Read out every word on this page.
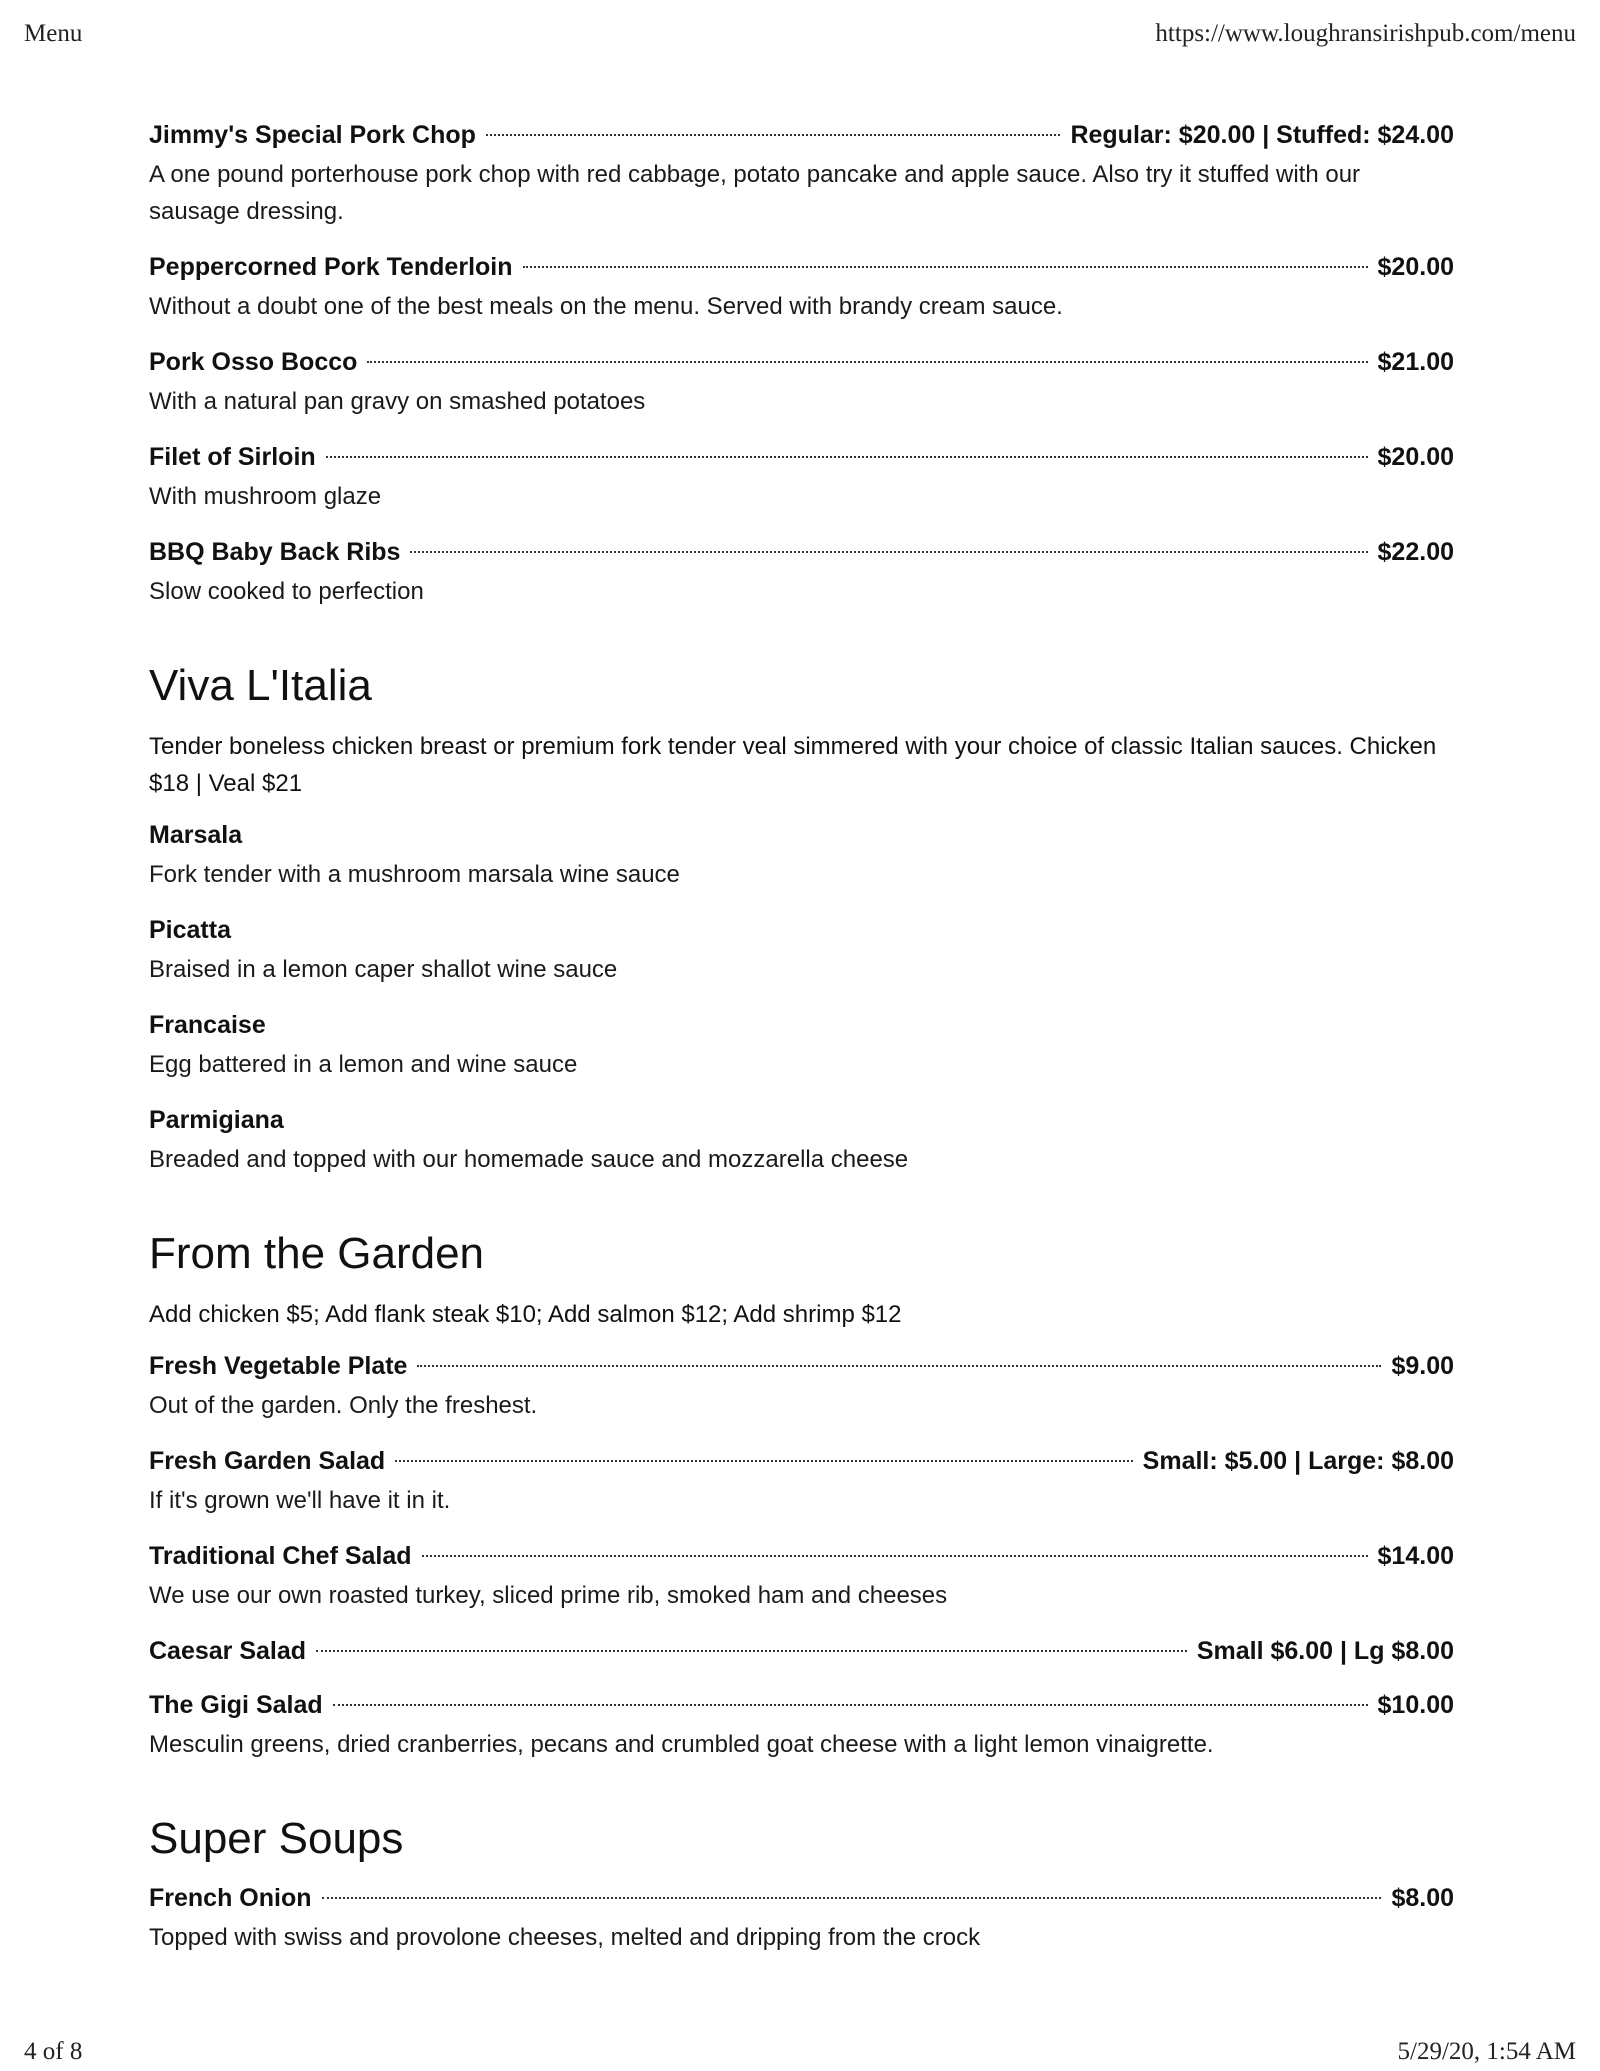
Menu	https://www.loughransirishpub.com/menu
Jimmy's Special Pork Chop	Regular: $20.00 | Stuffed: $24.00
A one pound porterhouse pork chop with red cabbage, potato pancake and apple sauce. Also try it stuffed with our sausage dressing.
Peppercorned Pork Tenderloin	$20.00
Without a doubt one of the best meals on the menu. Served with brandy cream sauce.
Pork Osso Bocco	$21.00
With a natural pan gravy on smashed potatoes
Filet of Sirloin	$20.00
With mushroom glaze
BBQ Baby Back Ribs	$22.00
Slow cooked to perfection
Viva L'Italia
Tender boneless chicken breast or premium fork tender veal simmered with your choice of classic Italian sauces. Chicken $18 | Veal $21
Marsala
Fork tender with a mushroom marsala wine sauce
Picatta
Braised in a lemon caper shallot wine sauce
Francaise
Egg battered in a lemon and wine sauce
Parmigiana
Breaded and topped with our homemade sauce and mozzarella cheese
From the Garden
Add chicken $5; Add flank steak $10; Add salmon $12; Add shrimp $12
Fresh Vegetable Plate	$9.00
Out of the garden. Only the freshest.
Fresh Garden Salad	Small: $5.00 | Large: $8.00
If it's grown we'll have it in it.
Traditional Chef Salad	$14.00
We use our own roasted turkey, sliced prime rib, smoked ham and cheeses
Caesar Salad	Small $6.00 | Lg $8.00
The Gigi Salad	$10.00
Mesculin greens, dried cranberries, pecans and crumbled goat cheese with a light lemon vinaigrette.
Super Soups
French Onion	$8.00
Topped with swiss and provolone cheeses, melted and dripping from the crock
4 of 8	5/29/20, 1:54 AM
